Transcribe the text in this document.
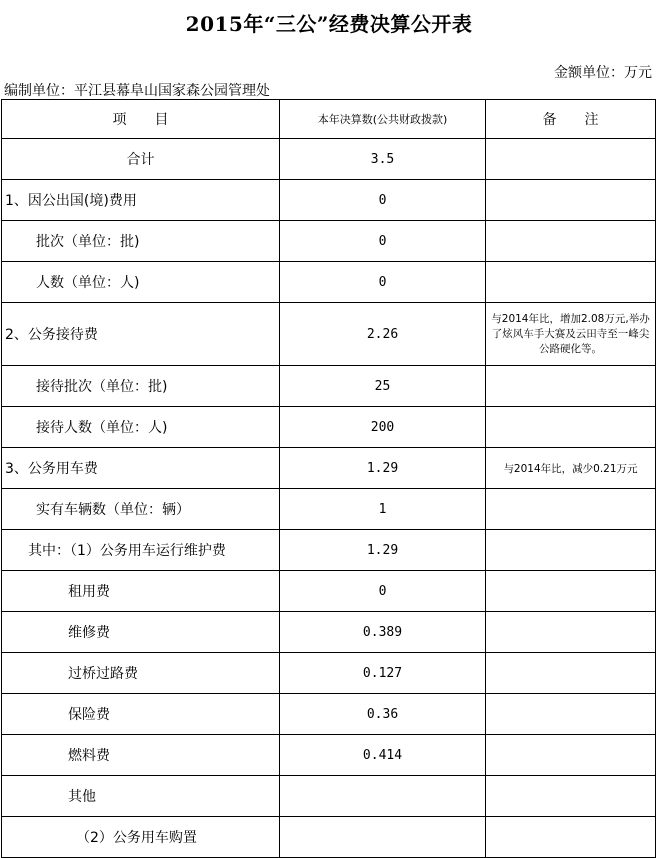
2015年“三公”经费决算公开表
金额单位：万元
编制单位：平江县幕阜山国家森公园管理处
项　　目	本年决算数(公共财政拨款)	备　　注
合计	3.5	
1、因公出国(境)费用	0	
批次（单位：批)	0	
人数（单位：人)	0	
2、公务接待费	2.26	与2014年比，增加2.08万元,举办了炫风车手大赛及云田寺至一峰尖公路硬化等。
接待批次（单位：批)	25	
接待人数（单位：人)	200	
3、公务用车费	1.29	与2014年比，减少0.21万元
实有车辆数（单位：辆）	1	
其中：（1）公务用车运行维护费	1.29	
租用费	0	
维修费	0.389	
过桥过路费	0.127	
保险费	0.36	
燃料费	0.414	
其他		
（2）公务用车购置		
